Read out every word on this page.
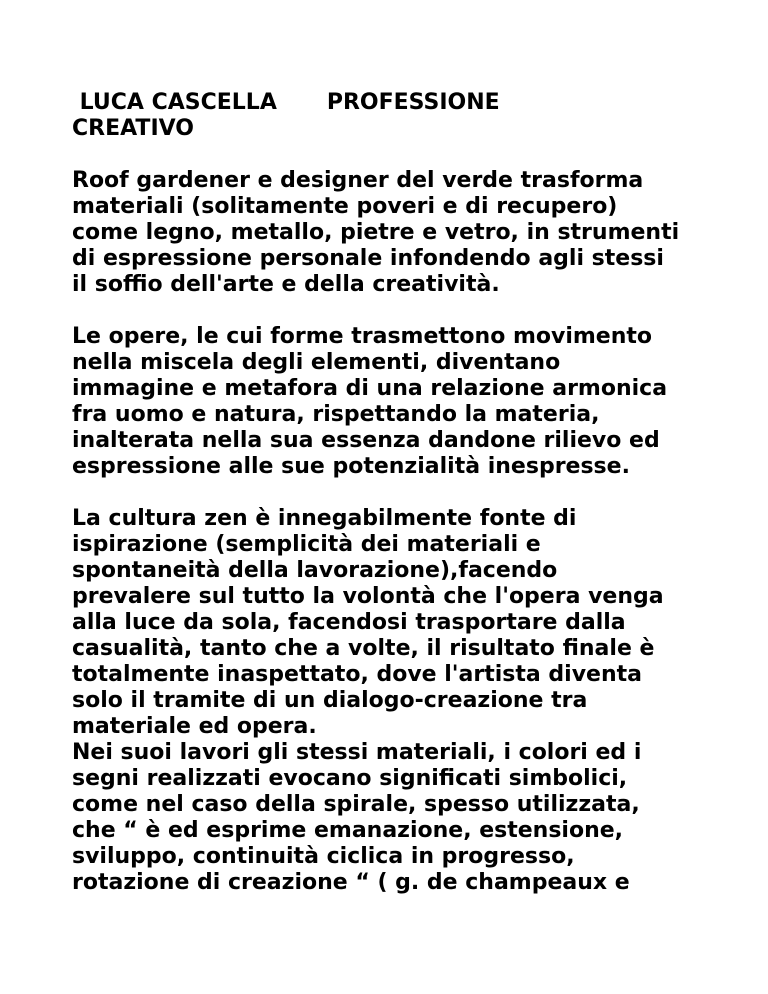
LUCA CASCELLA PROFESSIONE
CREATIVO
Roof gardener e designer del verde trasforma
materiali (solitamente poveri e di recupero)
come legno, metallo, pietre e vetro, in strumenti
di espressione personale infondendo agli stessi
il soffio dell'arte e della creatività.
Le opere, le cui forme trasmettono movimento
nella miscela degli elementi, diventano
immagine e metafora di una relazione armonica
fra uomo e natura, rispettando la materia,
inalterata nella sua essenza dandone rilievo ed
espressione alle sue potenzialità inespresse.
La cultura zen è innegabilmente fonte di
ispirazione (semplicità dei materiali e
spontaneità della lavorazione),facendo
prevalere sul tutto la volontà che l'opera venga
alla luce da sola, facendosi trasportare dalla
casualità, tanto che a volte, il risultato finale è
totalmente inaspettato, dove l'artista diventa
solo il tramite di un dialogo-creazione tra
materiale ed opera.
Nei suoi lavori gli stessi materiali, i colori ed i
segni realizzati evocano significati simbolici,
come nel caso della spirale, spesso utilizzata,
che “ è ed esprime emanazione, estensione,
sviluppo, continuità ciclica in progresso,
rotazione di creazione “ ( g. de champeaux e
